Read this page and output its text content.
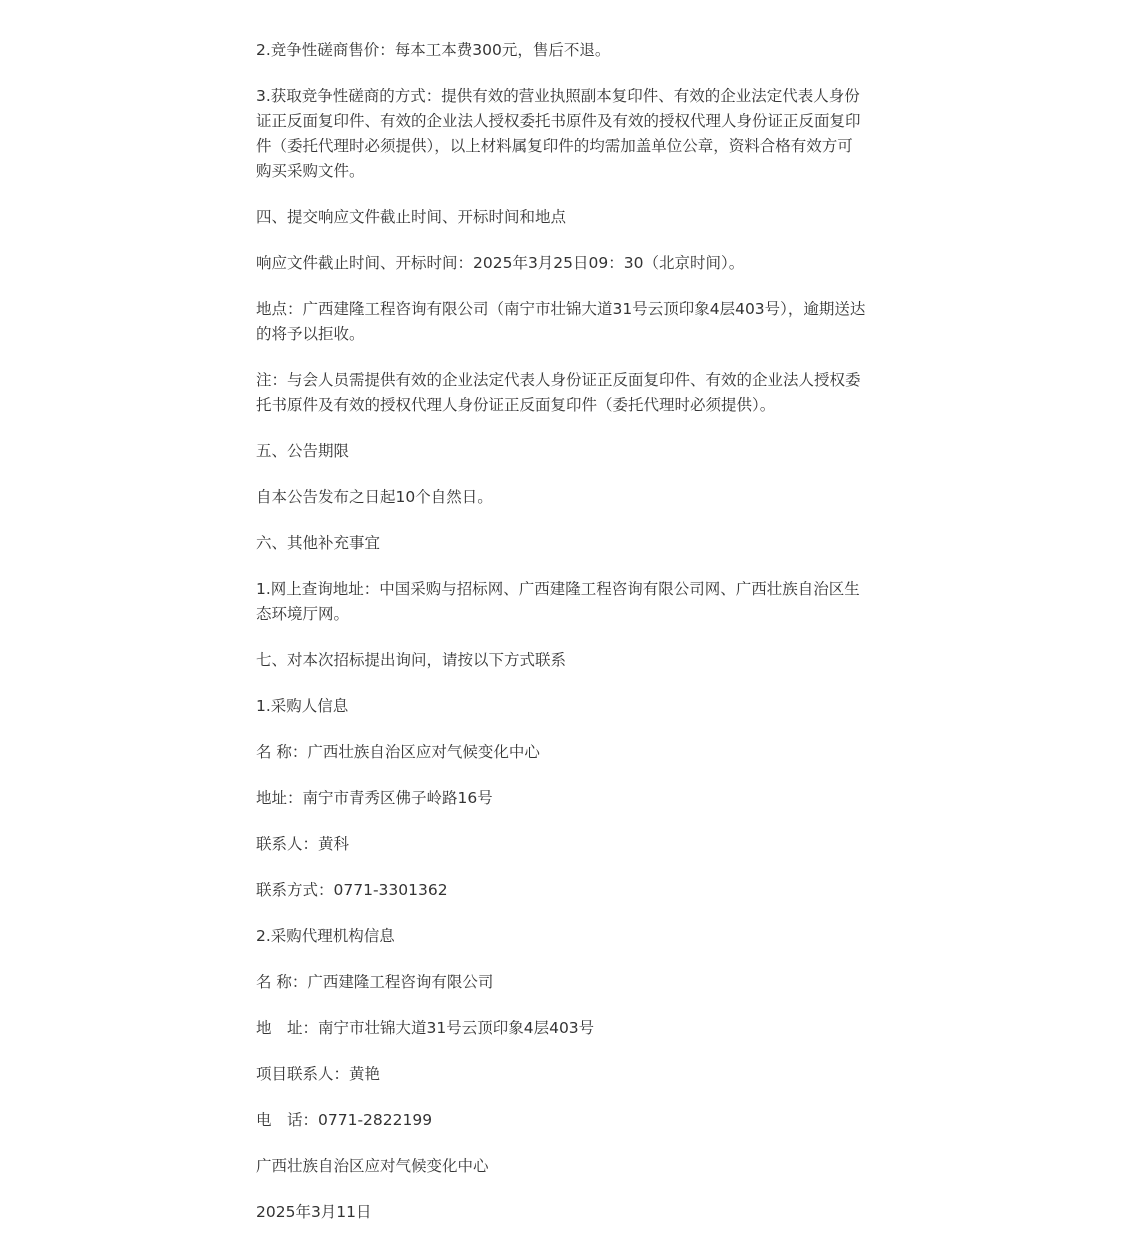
2.竞争性磋商售价：每本工本费300元，售后不退。

3.获取竞争性磋商的方式：提供有效的营业执照副本复印件、有效的企业法定代表人身份证正反面复印件、有效的企业法人授权委托书原件及有效的授权代理人身份证正反面复印件（委托代理时必须提供），以上材料属复印件的均需加盖单位公章，资料合格有效方可购买采购文件。

四、提交响应文件截止时间、开标时间和地点

响应文件截止时间、开标时间：2025年3月25日09：30（北京时间）。

地点：广西建隆工程咨询有限公司（南宁市壮锦大道31号云顶印象4层403号），逾期送达的将予以拒收。

注：与会人员需提供有效的企业法定代表人身份证正反面复印件、有效的企业法人授权委托书原件及有效的授权代理人身份证正反面复印件（委托代理时必须提供）。

五、公告期限

自本公告发布之日起10个自然日。

六、其他补充事宜

1.网上查询地址：中国采购与招标网、广西建隆工程咨询有限公司网、广西壮族自治区生态环境厅网。

七、对本次招标提出询问，请按以下方式联系

1.采购人信息

名 称：广西壮族自治区应对气候变化中心

地址：南宁市青秀区佛子岭路16号

联系人：黄科

联系方式：0771-3301362

2.采购代理机构信息

名 称：广西建隆工程咨询有限公司

地　址：南宁市壮锦大道31号云顶印象4层403号

项目联系人：黄艳

电　话：0771-2822199

广西壮族自治区应对气候变化中心

2025年3月11日
